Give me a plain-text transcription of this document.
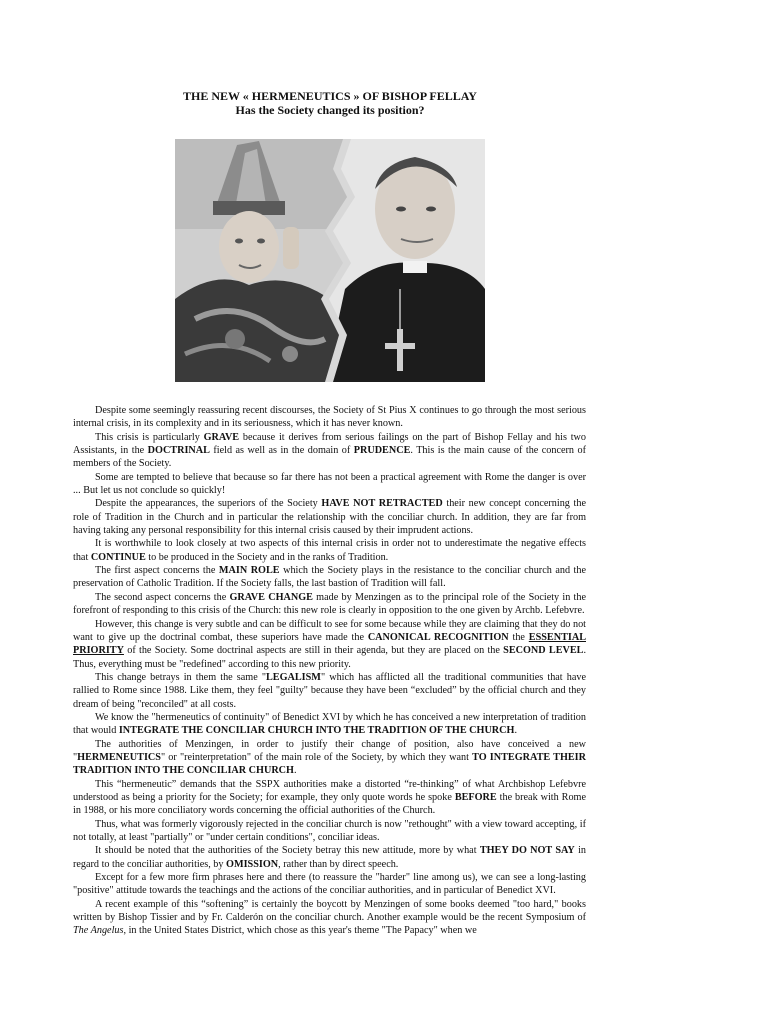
THE NEW « HERMENEUTICS » OF BISHOP FELLAY
Has the Society changed its position?

Despite some seemingly reassuring recent discourses, the Society of St Pius X continues to go through the most serious internal crisis, in its complexity and in its seriousness, which it has never known.

This crisis is particularly GRAVE because it derives from serious failings on the part of Bishop Fellay and his two Assistants, in the DOCTRINAL field as well as in the domain of PRUDENCE. This is the main cause of the concern of members of the Society.

Some are tempted to believe that because so far there has not been a practical agreement with Rome the danger is over ... But let us not conclude so quickly!

Despite the appearances, the superiors of the Society HAVE NOT RETRACTED their new concept concerning the role of Tradition in the Church and in particular the relationship with the conciliar church. In addition, they are far from having taking any personal responsibility for this internal crisis caused by their imprudent actions.

It is worthwhile to look closely at two aspects of this internal crisis in order not to underestimate the negative effects that CONTINUE to be produced in the Society and in the ranks of Tradition.

The first aspect concerns the MAIN ROLE which the Society plays in the resistance to the conciliar church and the preservation of Catholic Tradition. If the Society falls, the last bastion of Tradition will fall.

The second aspect concerns the GRAVE CHANGE made by Menzingen as to the principal role of the Society in the forefront of responding to this crisis of the Church: this new role is clearly in opposition to the one given by Archb. Lefebvre.

However, this change is very subtle and can be difficult to see for some because while they are claiming that they do not want to give up the doctrinal combat, these superiors have made the CANONICAL RECOGNITION the ESSENTIAL PRIORITY of the Society. Some doctrinal aspects are still in their agenda, but they are placed on the SECOND LEVEL. Thus, everything must be "redefined" according to this new priority.

This change betrays in them the same "LEGALISM" which has afflicted all the traditional communities that have rallied to Rome since 1988. Like them, they feel "guilty" because they have been “excluded” by the official church and they dream of being "reconciled" at all costs.

We know the "hermeneutics of continuity" of Benedict XVI by which he has conceived a new interpretation of tradition that would INTEGRATE THE CONCILIAR CHURCH INTO THE TRADITION OF THE CHURCH.

The authorities of Menzingen, in order to justify their change of position, also have conceived a new "HERMENEUTICS" or "reinterpretation" of the main role of the Society, by which they want TO INTEGRATE THEIR TRADITION INTO THE CONCILIAR CHURCH.

This “hermeneutic” demands that the SSPX authorities make a distorted “re-thinking” of what Archbishop Lefebvre understood as being a priority for the Society; for example, they only quote words he spoke BEFORE the break with Rome in 1988, or his more conciliatory words concerning the official authorities of the Church.

Thus, what was formerly vigorously rejected in the conciliar church is now "rethought" with a view toward accepting, if not totally, at least "partially" or "under certain conditions", conciliar ideas.

It should be noted that the authorities of the Society betray this new attitude, more by what THEY DO NOT SAY in regard to the conciliar authorities, by OMISSION, rather than by direct speech.

Except for a few more firm phrases here and there (to reassure the "harder" line among us), we can see a long-lasting "positive" attitude towards the teachings and the actions of the conciliar authorities, and in particular of Benedict XVI.

A recent example of this “softening” is certainly the boycott by Menzingen of some books deemed "too hard," books written by Bishop Tissier and by Fr. Calderón on the conciliar church. Another example would be the recent Symposium of The Angelus, in the United States District, which chose as this year's theme "The Papacy" when we
